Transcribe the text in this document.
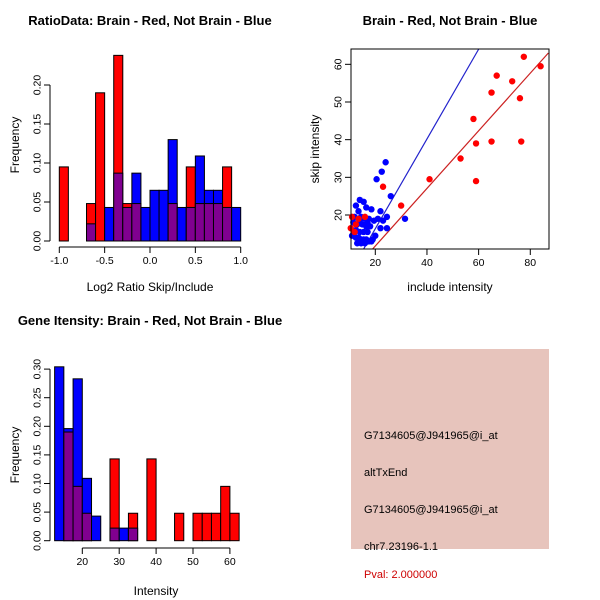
RatioData: Brain - Red, Not Brain - Blue
Frequency
Log2 Ratio Skip/Include
0.00
0.05
0.10
0.15
0.20
-1.0	-0.5	0.0	0.5	1.0
Brain - Red, Not Brain - Blue
skip intensity
include intensity
20	40	60	80
20
30
40
50
60
Gene Itensity: Brain - Red, Not Brain - Blue
Frequency
Intensity
0.00
0.05
0.10
0.15
0.20
0.25
0.30
20 30 40 50 60
G7134605@J941965@i_at
altTxEnd
G7134605@J941965@i_at
chr7.23196-1.1
Pval: 2.000000
